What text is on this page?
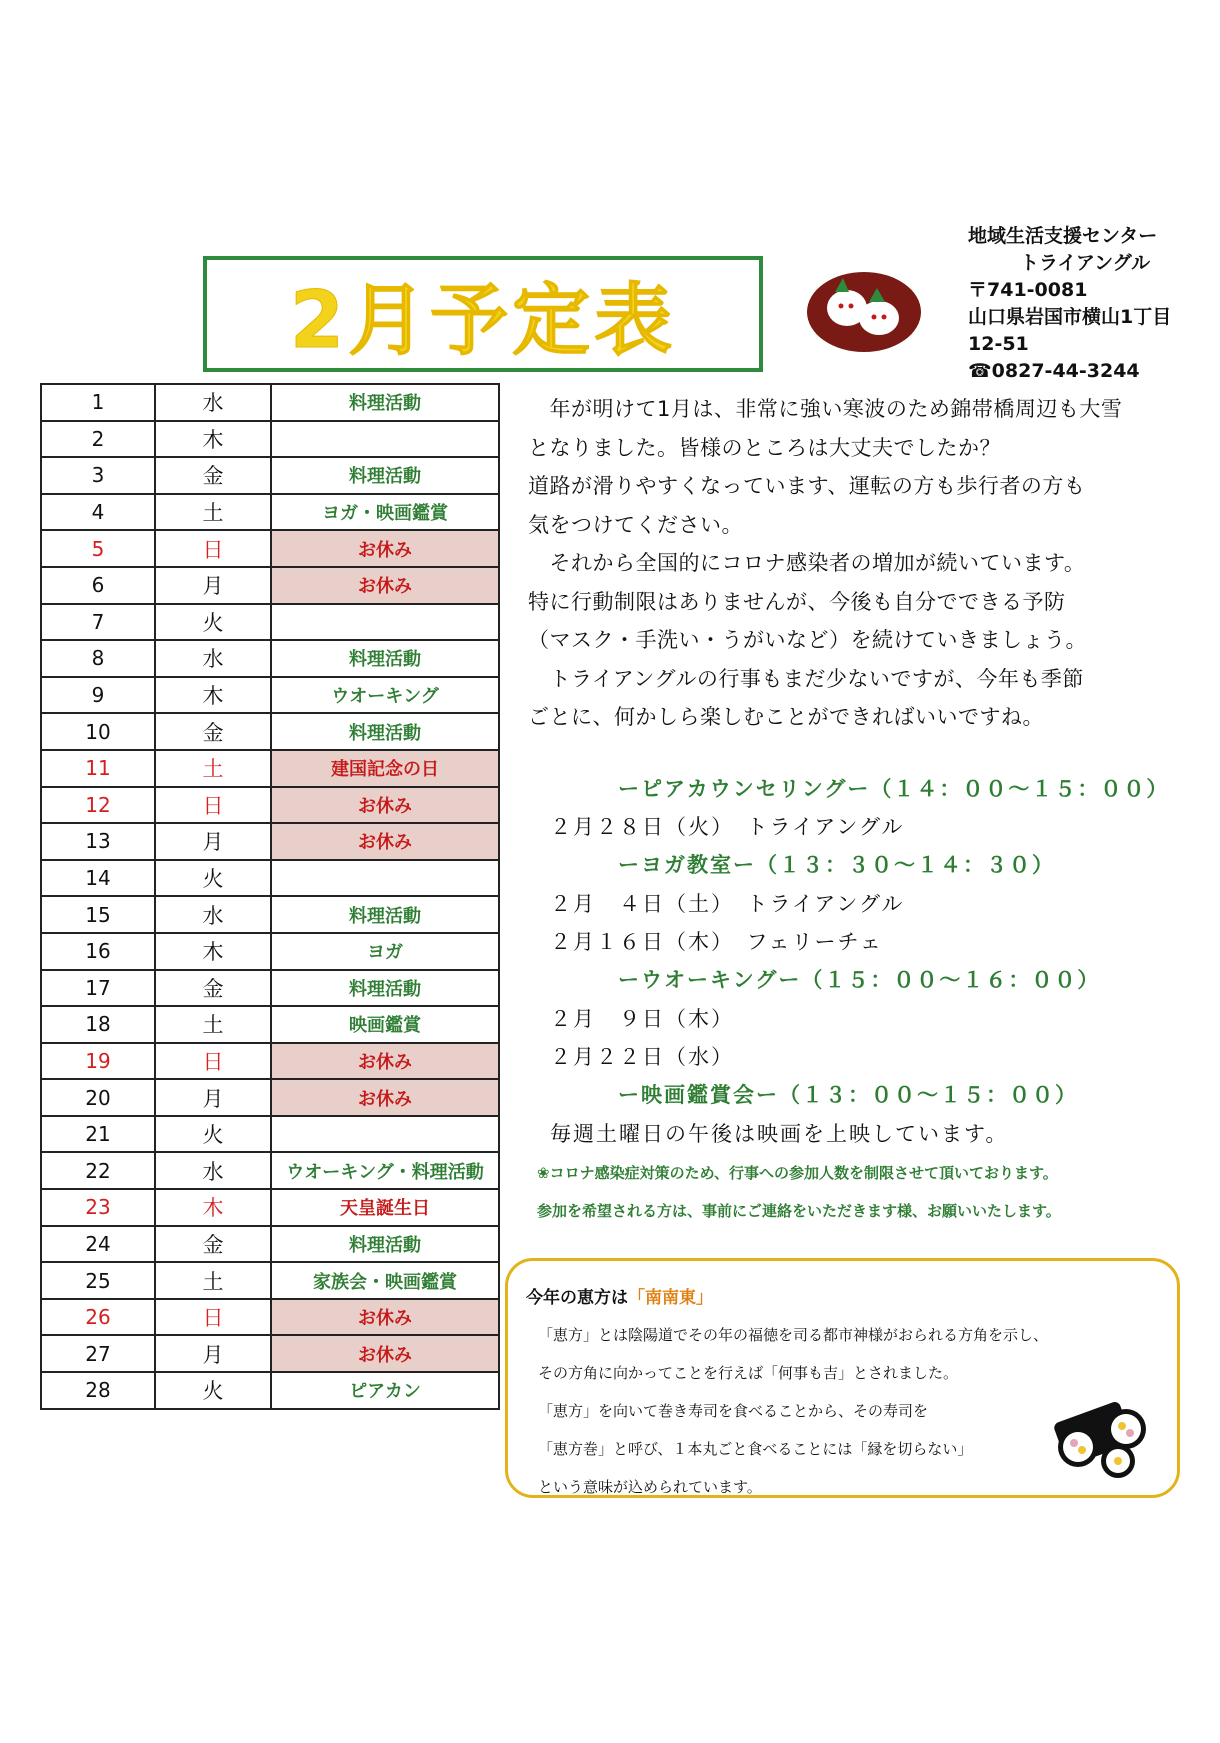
2月予定表
地域生活支援センター
トライアングル
〒741-0081
山口県岩国市横山1丁目
12-51
☎0827-44-3244
1	水	料理活動
2	木	
3	金	料理活動
4	土	ヨガ・映画鑑賞
5	日	お休み
6	月	お休み
7	火	
8	水	料理活動
9	木	ウオーキング
10	金	料理活動
11	土	建国記念の日
12	日	お休み
13	月	お休み
14	火	
15	水	料理活動
16	木	ヨガ
17	金	料理活動
18	土	映画鑑賞
19	日	お休み
20	月	お休み
21	火	
22	水	ウオーキング・料理活動
23	木	天皇誕生日
24	金	料理活動
25	土	家族会・映画鑑賞
26	日	お休み
27	月	お休み
28	火	ピアカン

　年が明けて1月は、非常に強い寒波のため錦帯橋周辺も大雪

となりました。皆様のところは大丈夫でしたか？

道路が滑りやすくなっています、運転の方も歩行者の方も

気をつけてください。

　それから全国的にコロナ感染者の増加が続いています。

特に行動制限はありませんが、今後も自分でできる予防

（マスク・手洗い・うがいなど）を続けていきましょう。

　トライアングルの行事もまだ少ないですが、今年も季節

ごとに、何かしら楽しむことができればいいですね。

ーピアカウンセリングー（１４：００～１５：００）
２月２８日（火）　トライアングル
ーヨガ教室ー（１３：３０～１４：３０）
２月　４日（土）　トライアングル
２月１６日（木）　フェリーチェ
ーウオーキングー（１５：００～１６：００）
２月　９日（木）
２月２２日（水）
ー映画鑑賞会ー（１３：００～１５：００）
毎週土曜日の午後は映画を上映しています。
❀コロナ感染症対策のため、行事への参加人数を制限させて頂いております。
参加を希望される方は、事前にご連絡をいただきます様、お願いいたします。
今年の恵方は「南南東」
「恵方」とは陰陽道でその年の福徳を司る都市神様がおられる方角を示し、
その方角に向かってことを行えば「何事も吉」とされました。
「恵方」を向いて巻き寿司を食べることから、その寿司を
「恵方巻」と呼び、１本丸ごと食べることには「縁を切らない」
という意味が込められています。
